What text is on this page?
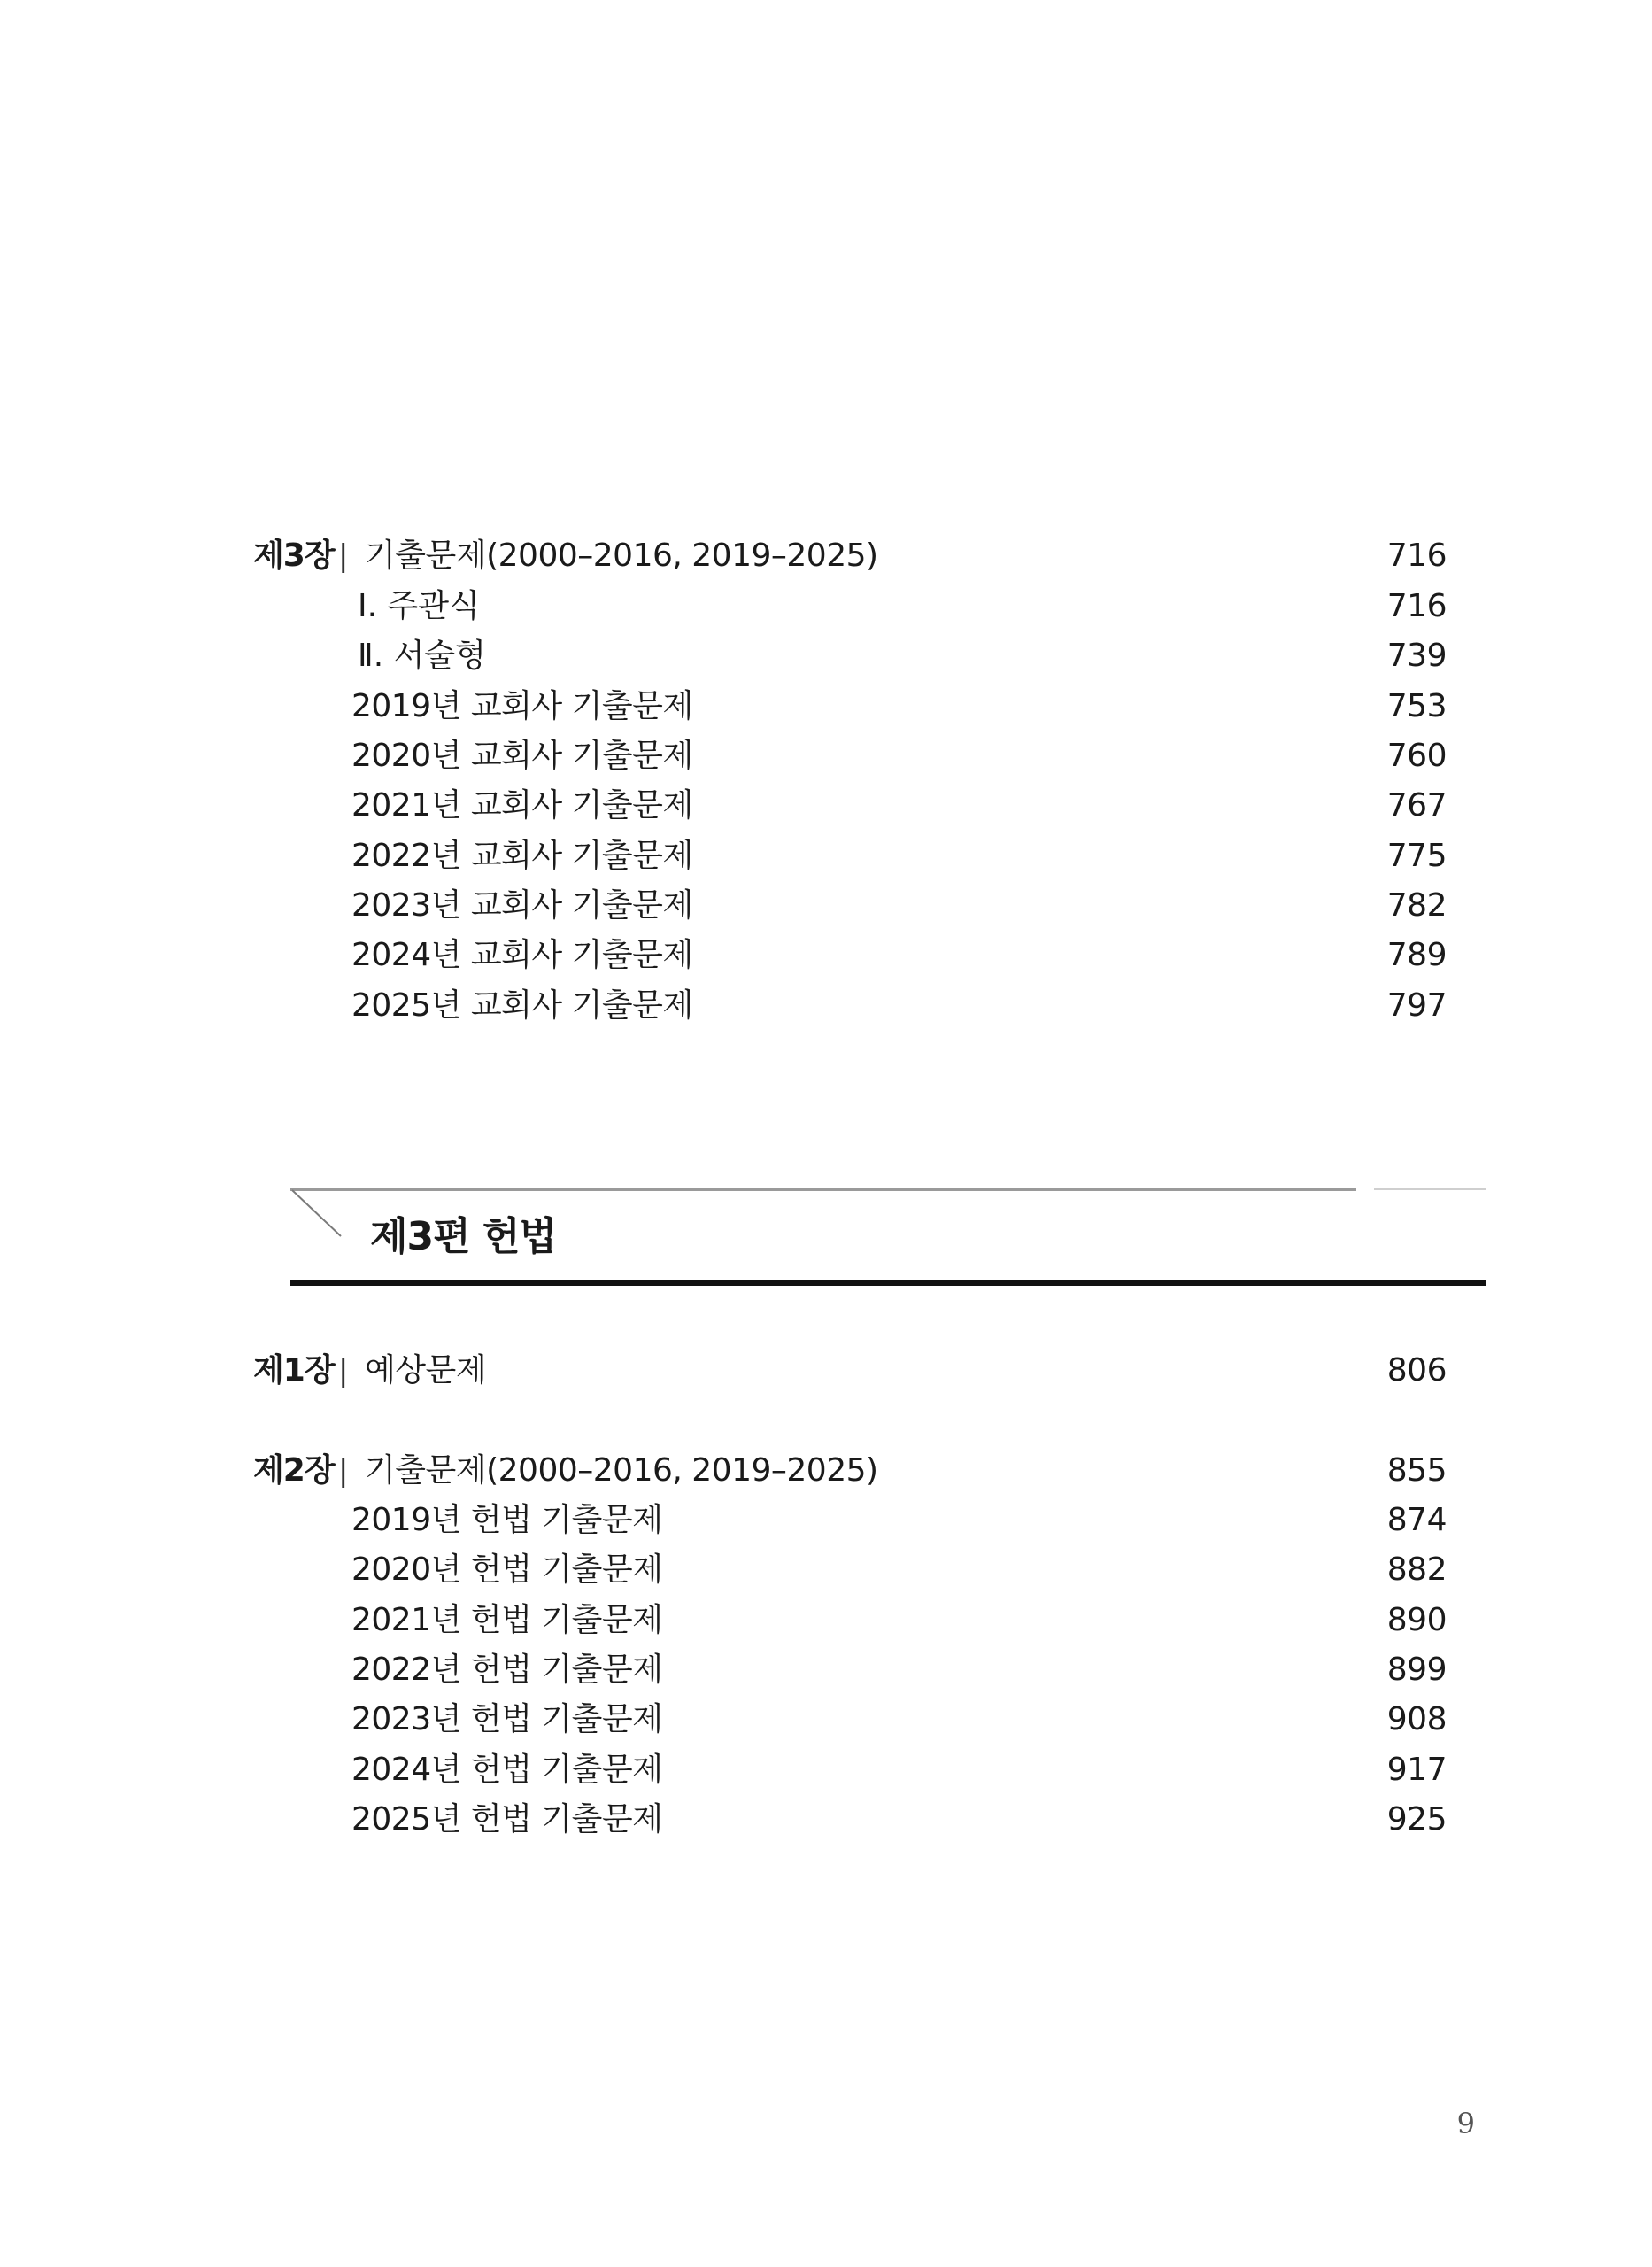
제3장 | 기출문제(2000–2016, 2019–2025)	716
Ⅰ. 주관식	716
Ⅱ. 서술형	739
2019년 교회사 기출문제	753
2020년 교회사 기출문제	760
2021년 교회사 기출문제	767
2022년 교회사 기출문제	775
2023년 교회사 기출문제	782
2024년 교회사 기출문제	789
2025년 교회사 기출문제	797
제3편 헌법
제1장 | 예상문제	806
제2장 | 기출문제(2000–2016, 2019–2025)	855
2019년 헌법 기출문제	874
2020년 헌법 기출문제	882
2021년 헌법 기출문제	890
2022년 헌법 기출문제	899
2023년 헌법 기출문제	908
2024년 헌법 기출문제	917
2025년 헌법 기출문제	925
9
